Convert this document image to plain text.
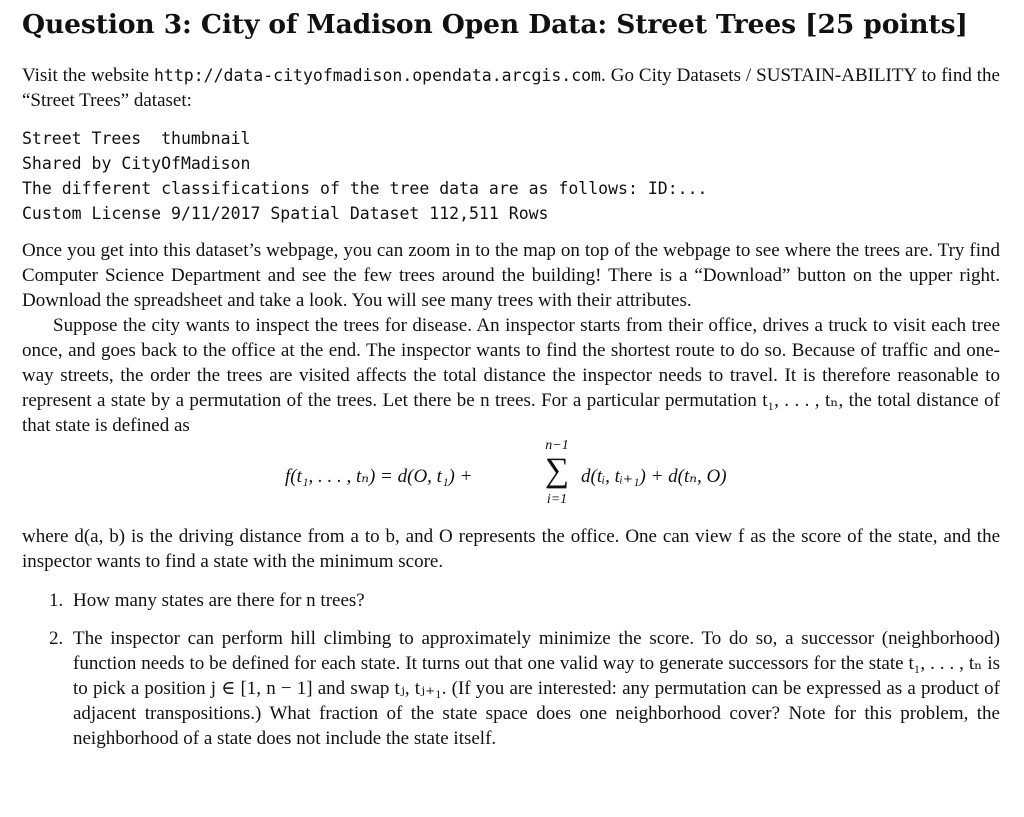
Question 3: City of Madison Open Data: Street Trees [25 points]

Visit the website http://data-cityofmadison.opendata.arcgis.com. Go City Datasets / SUSTAIN-ABILITY to find the “Street Trees” dataset:

Street Trees  thumbnail
Shared by CityOfMadison
The different classifications of the tree data are as follows: ID:...
Custom License 9/11/2017 Spatial Dataset 112,511 Rows

Once you get into this dataset’s webpage, you can zoom in to the map on top of the webpage to see where the trees are. Try find Computer Science Department and see the few trees around the building! There is a “Download” button on the upper right. Download the spreadsheet and take a look. You will see many trees with their attributes.

Suppose the city wants to inspect the trees for disease. An inspector starts from their office, drives a truck to visit each tree once, and goes back to the office at the end. The inspector wants to find the shortest route to do so. Because of traffic and one-way streets, the order the trees are visited affects the total distance the inspector needs to travel. It is therefore reasonable to represent a state by a permutation of the trees. Let there be n trees. For a particular permutation t₁, . . . , tₙ, the total distance of that state is defined as

f(t₁, . . . , tₙ) = d(O, t₁) +
n−1
∑
i=1
d(tᵢ, tᵢ₊₁) + d(tₙ, O)

where d(a, b) is the driving distance from a to b, and O represents the office. One can view f as the score of the state, and the inspector wants to find a state with the minimum score.

1. How many states are there for n trees?

2. The inspector can perform hill climbing to approximately minimize the score. To do so, a successor (neighborhood) function needs to be defined for each state. It turns out that one valid way to generate successors for the state t₁, . . . , tₙ is to pick a position j ∈ [1, n − 1] and swap tⱼ, tⱼ₊₁. (If you are interested: any permutation can be expressed as a product of adjacent transpositions.) What fraction of the state space does one neighborhood cover? Note for this problem, the neighborhood of a state does not include the state itself.
